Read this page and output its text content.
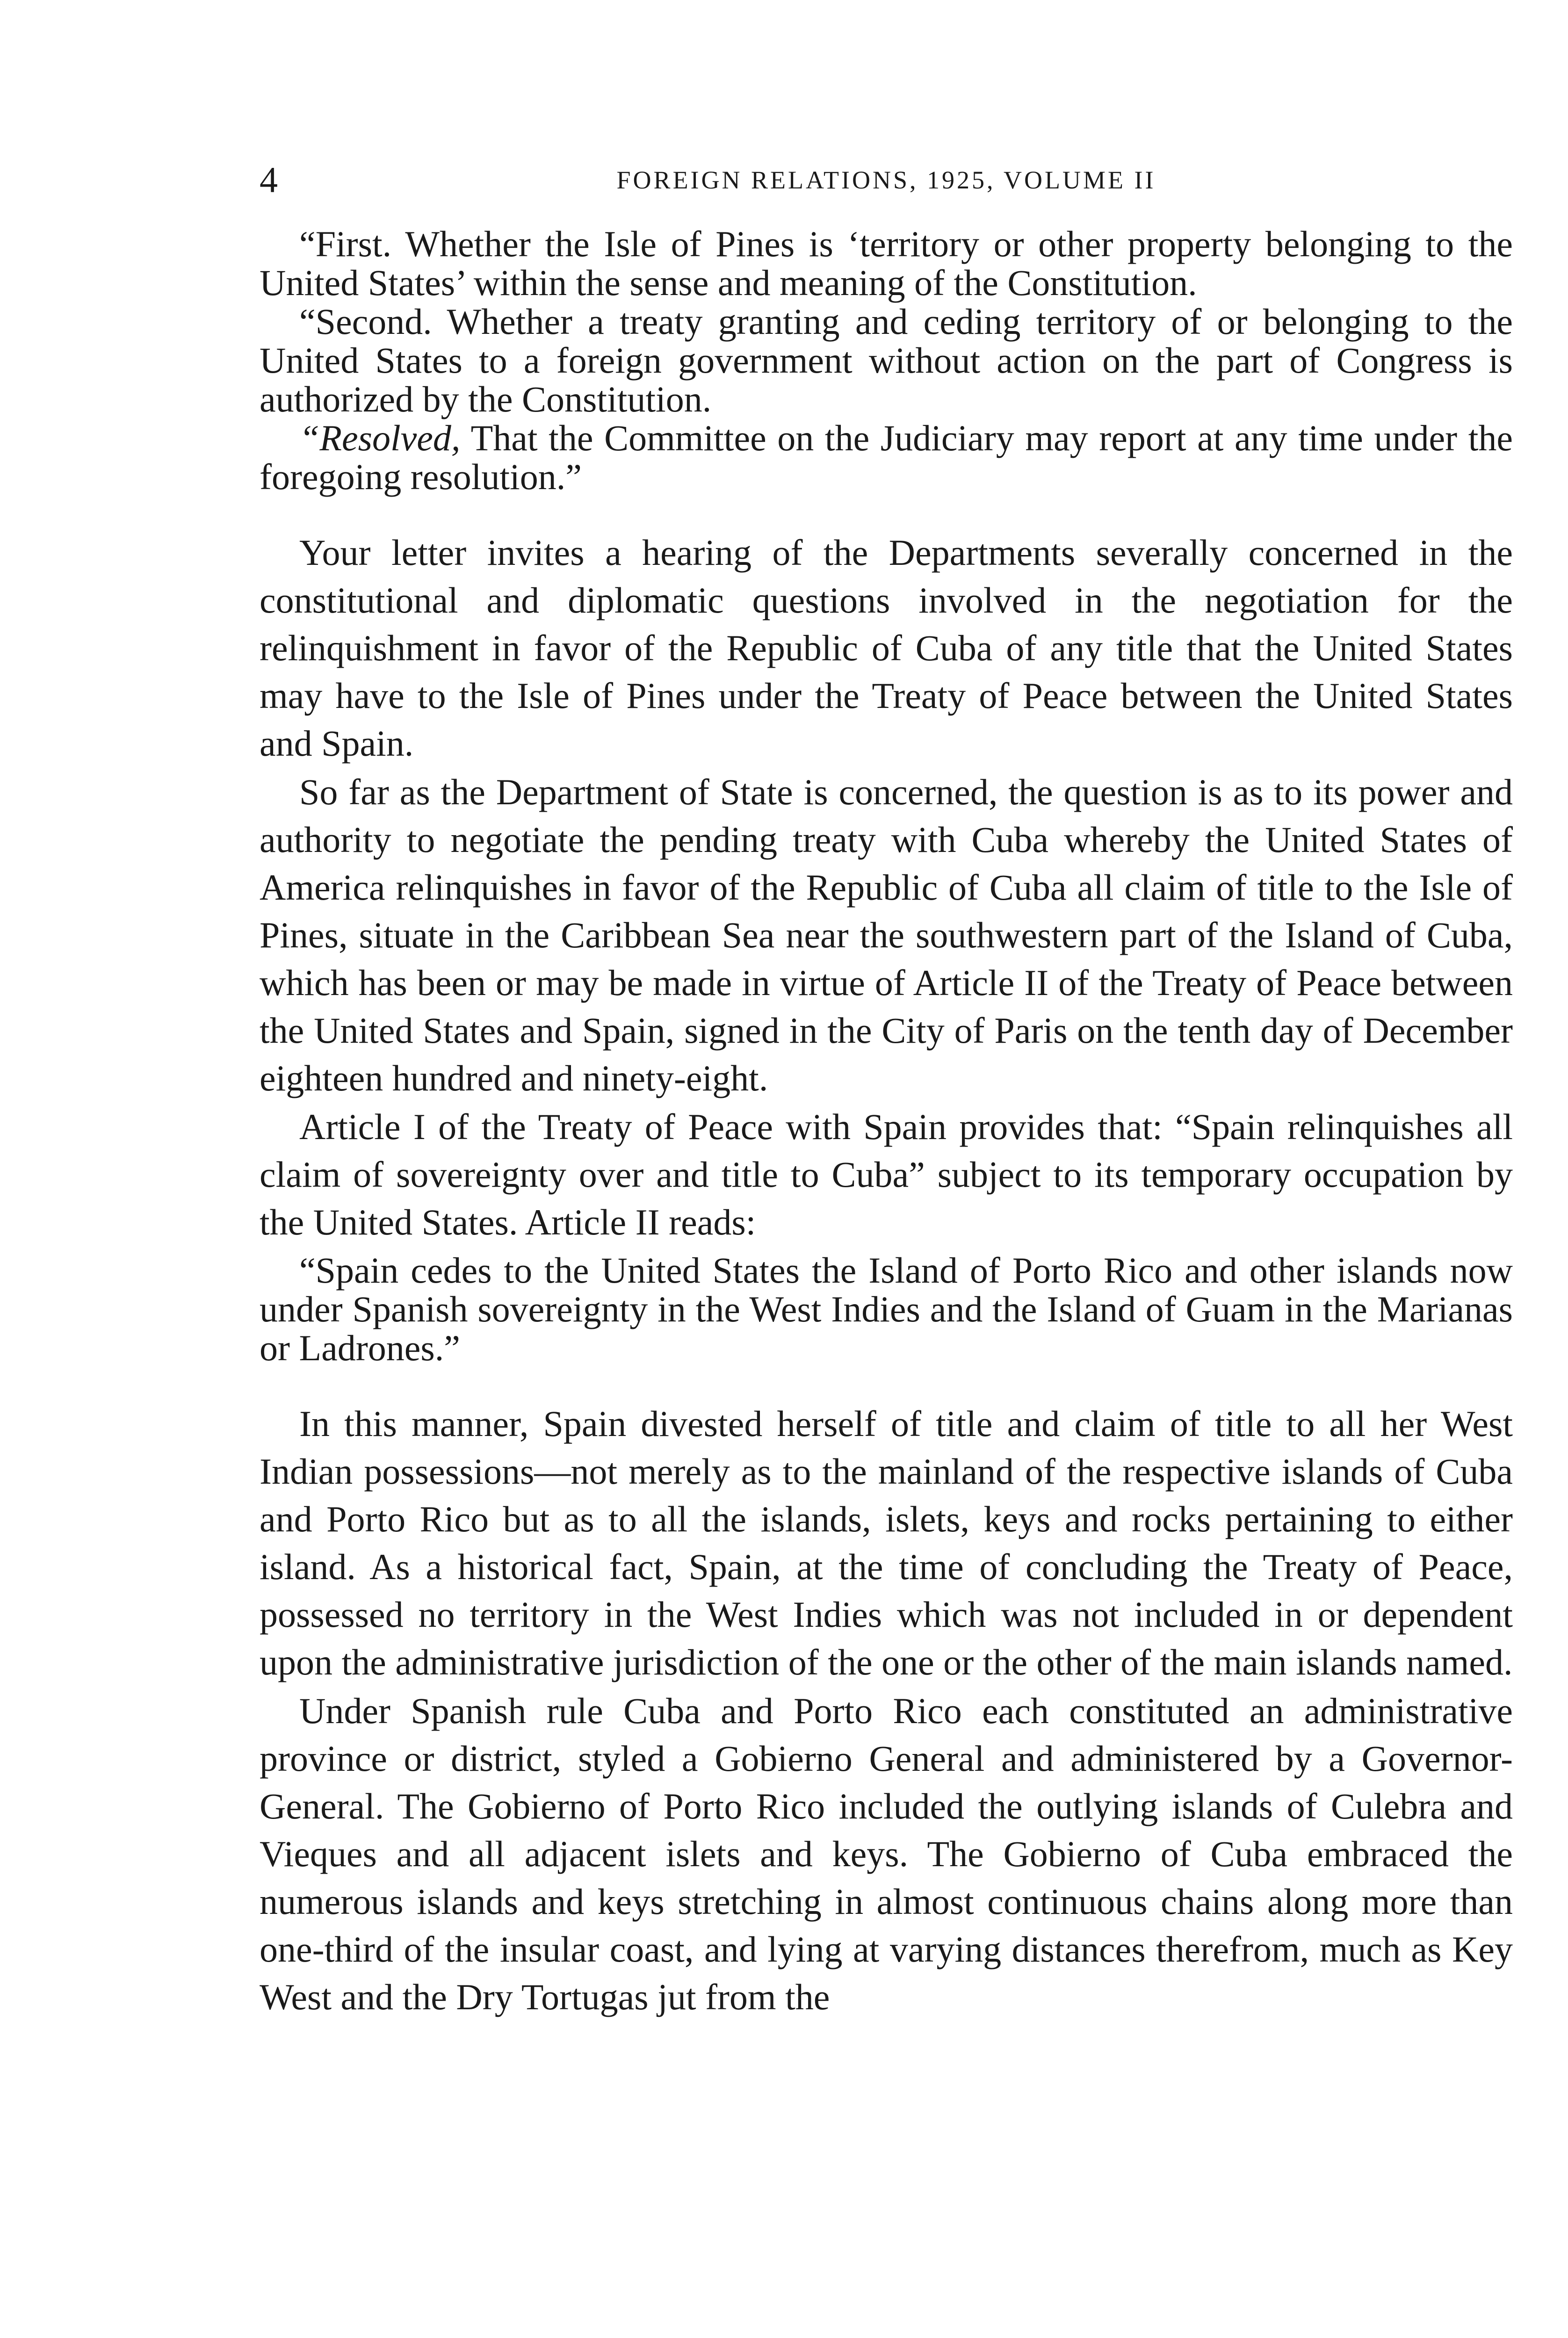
4	FOREIGN RELATIONS, 1925, VOLUME II

“First. Whether the Isle of Pines is ‘territory or other property belonging to the United States’ within the sense and meaning of the Constitution.

“Second. Whether a treaty granting and ceding territory of or belonging to the United States to a foreign government without action on the part of Congress is authorized by the Constitution.

“Resolved, That the Committee on the Judiciary may report at any time under the foregoing resolution.”

Your letter invites a hearing of the Departments severally concerned in the constitutional and diplomatic questions involved in the negotiation for the relinquishment in favor of the Republic of Cuba of any title that the United States may have to the Isle of Pines under the Treaty of Peace between the United States and Spain.

So far as the Department of State is concerned, the question is as to its power and authority to negotiate the pending treaty with Cuba whereby the United States of America relinquishes in favor of the Republic of Cuba all claim of title to the Isle of Pines, situate in the Caribbean Sea near the southwestern part of the Island of Cuba, which has been or may be made in virtue of Article II of the Treaty of Peace between the United States and Spain, signed in the City of Paris on the tenth day of December eighteen hundred and ninety-eight.

Article I of the Treaty of Peace with Spain provides that: “Spain relinquishes all claim of sovereignty over and title to Cuba” subject to its temporary occupation by the United States. Article II reads:

“Spain cedes to the United States the Island of Porto Rico and other islands now under Spanish sovereignty in the West Indies and the Island of Guam in the Marianas or Ladrones.”

In this manner, Spain divested herself of title and claim of title to all her West Indian possessions—not merely as to the mainland of the respective islands of Cuba and Porto Rico but as to all the islands, islets, keys and rocks pertaining to either island. As a historical fact, Spain, at the time of concluding the Treaty of Peace, possessed no territory in the West Indies which was not included in or dependent upon the administrative jurisdiction of the one or the other of the main islands named.

Under Spanish rule Cuba and Porto Rico each constituted an administrative province or district, styled a Gobierno General and administered by a Governor-General. The Gobierno of Porto Rico included the outlying islands of Culebra and Vieques and all adjacent islets and keys. The Gobierno of Cuba embraced the numerous islands and keys stretching in almost continuous chains along more than one-third of the insular coast, and lying at varying distances therefrom, much as Key West and the Dry Tortugas jut from the
